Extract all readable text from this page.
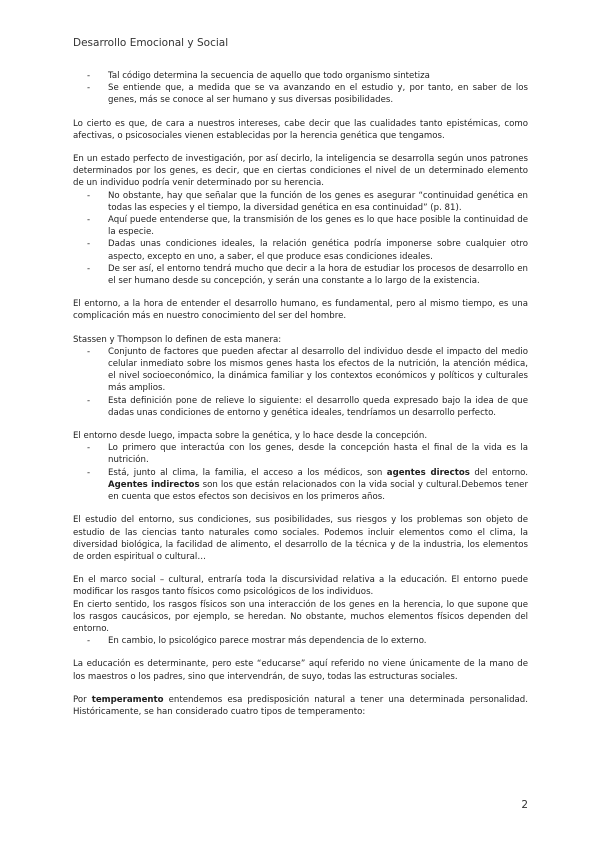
Desarrollo Emocional y Social
- Tal código determina la secuencia de aquello que todo organismo sintetiza
- Se entiende que, a medida que se va avanzando en el estudio y, por tanto, en saber de los genes, más se conoce al ser humano y sus diversas posibilidades.

Lo cierto es que, de cara a nuestros intereses, cabe decir que las cualidades tanto epistémicas, como afectivas, o psicosociales vienen establecidas por la herencia genética que tengamos.

En un estado perfecto de investigación, por así decirlo, la inteligencia se desarrolla según unos patrones determinados por los genes, es decir, que en ciertas condiciones el nivel de un determinado elemento de un individuo podría venir determinado por su herencia.

- No obstante, hay que señalar que la función de los genes es asegurar “continuidad genética en todas las especies y el tiempo, la diversidad genética en esa continuidad” (p. 81).
- Aquí puede entenderse que, la transmisión de los genes es lo que hace posible la continuidad de la especie.
- Dadas unas condiciones ideales, la relación genética podría imponerse sobre cualquier otro aspecto, excepto en uno, a saber, el que produce esas condiciones ideales.
- De ser así, el entorno tendrá mucho que decir a la hora de estudiar los procesos de desarrollo en el ser humano desde su concepción, y serán una constante a lo largo de la existencia.

El entorno, a la hora de entender el desarrollo humano, es fundamental, pero al mismo tiempo, es una complicación más en nuestro conocimiento del ser del hombre.

Stassen y Thompson lo definen de esta manera:

- Conjunto de factores que pueden afectar al desarrollo del individuo desde el impacto del medio celular inmediato sobre los mismos genes hasta los efectos de la nutrición, la atención médica, el nivel socioeconómico, la dinámica familiar y los contextos económicos y políticos y culturales más amplios.
- Esta definición pone de relieve lo siguiente: el desarrollo queda expresado bajo la idea de que dadas unas condiciones de entorno y genética ideales, tendríamos un desarrollo perfecto.

El entorno desde luego, impacta sobre la genética, y lo hace desde la concepción.

- Lo primero que interactúa con los genes, desde la concepción hasta el final de la vida es la nutrición.
- Está, junto al clima, la familia, el acceso a los médicos, son agentes directos del entorno. Agentes indirectos son los que están relacionados con la vida social y cultural.Debemos tener en cuenta que estos efectos son decisivos en los primeros años.

El estudio del entorno, sus condiciones, sus posibilidades, sus riesgos y los problemas son objeto de estudio de las ciencias tanto naturales como sociales. Podemos incluir elementos como el clima, la diversidad biológica, la facilidad de alimento, el desarrollo de la técnica y de la industria, los elementos de orden espiritual o cultural…

En el marco social – cultural, entraría toda la discursividad relativa a la educación. El entorno puede modificar los rasgos tanto físicos como psicológicos de los individuos.

En cierto sentido, los rasgos físicos son una interacción de los genes en la herencia, lo que supone que los rasgos caucásicos, por ejemplo, se heredan. No obstante, muchos elementos físicos dependen del entorno.

- En cambio, lo psicológico parece mostrar más dependencia de lo externo.

La educación es determinante, pero este “educarse” aquí referido no viene únicamente de la mano de los maestros o los padres, sino que intervendrán, de suyo, todas las estructuras sociales.

Por temperamento entendemos esa predisposición natural a tener una determinada personalidad. Históricamente, se han considerado cuatro tipos de temperamento:

2
